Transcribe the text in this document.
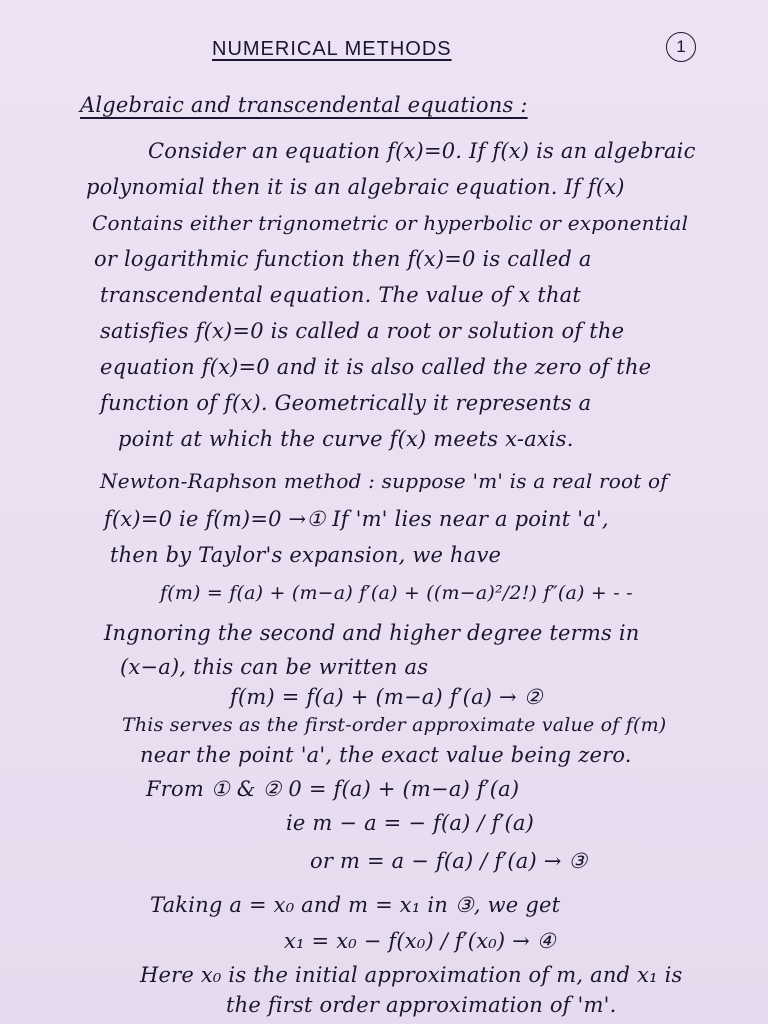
NUMERICAL METHODS	1
Algebraic and transcendental equations :
Consider an equation f(x)=0. If f(x) is an algebraic
polynomial then it is an algebraic equation. If f(x)
Contains either trignometric or hyperbolic or exponential
or logarithmic function then f(x)=0 is called a
transcendental equation. The value of x that
satisfies f(x)=0 is called a root or solution of the
equation f(x)=0 and it is also called the zero of the
function of f(x). Geometrically it represents a
point at which the curve f(x) meets x-axis.
Newton-Raphson method : suppose 'm' is a real root of
f(x)=0 ie f(m)=0 →① If 'm' lies near a point 'a',
then by Taylor's expansion, we have
f(m) = f(a) + (m−a) f′(a) + ((m−a)²/2!) f″(a) + - -
Ingnoring the second and higher degree terms in
(x−a), this can be written as
f(m) = f(a) + (m−a) f′(a) → ②
This serves as the first-order approximate value of f(m)
near the point 'a', the exact value being zero.
From ① & ② 0 = f(a) + (m−a) f′(a)
ie m − a = − f(a) / f′(a)
or m = a − f(a) / f′(a) → ③
Taking a = x₀ and m = x₁ in ③, we get
x₁ = x₀ − f(x₀) / f′(x₀) → ④
Here x₀ is the initial approximation of m, and x₁ is
the first order approximation of 'm'.
